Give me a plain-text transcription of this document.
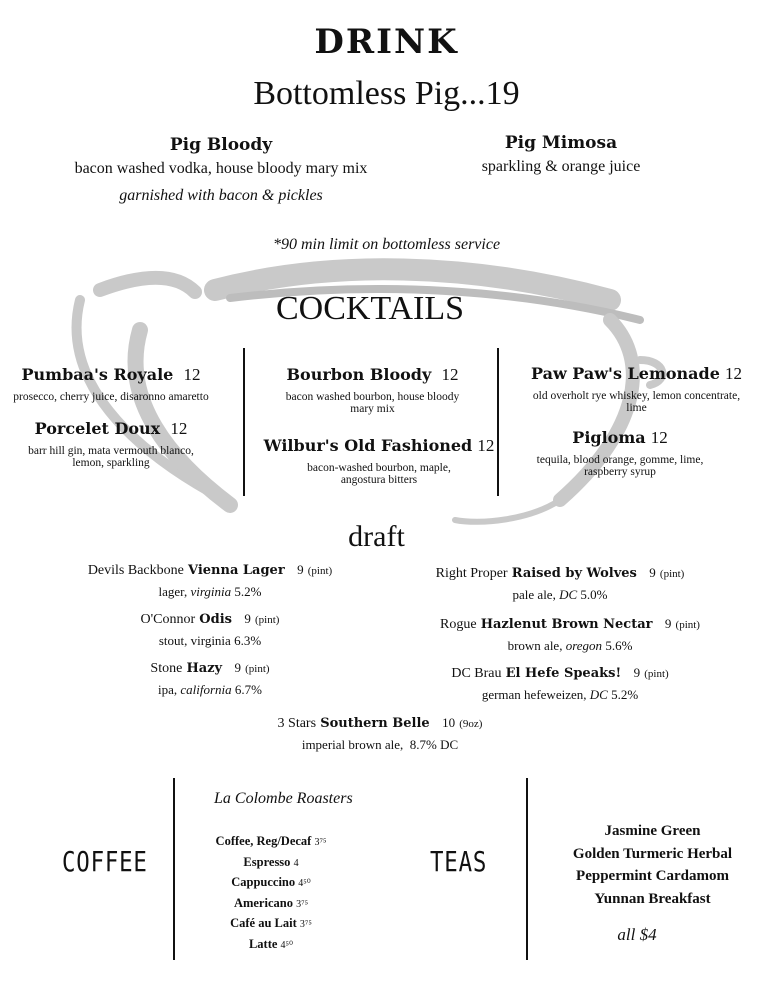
DRINK
Bottomless Pig...19
Pig Bloody
bacon washed vodka, house bloody mary mix
garnished with bacon & pickles
Pig Mimosa
sparkling & orange juice
*90 min limit on bottomless service
COCKTAILS
Pumbaa's Royale 12
prosecco, cherry juice, disaronno amaretto
Porcelet Doux 12
barr hill gin, mata vermouth blanco,
lemon, sparkling
Bourbon Bloody 12
bacon washed bourbon, house bloody
mary mix
Wilbur's Old Fashioned 12
bacon-washed bourbon, maple,
angostura bitters
Paw Paw's Lemonade 12
old overholt rye whiskey, lemon concentrate,
lime
Pigloma 12
tequila, blood orange, gomme, lime,
raspberry syrup
draft
Devils Backbone Vienna Lager 9 (pint)
lager, virginia 5.2%
O'Connor Odis 9 (pint)
stout, virginia 6.3%
Stone Hazy 9 (pint)
ipa, california 6.7%
Right Proper Raised by Wolves 9 (pint)
pale ale, DC 5.0%
Rogue Hazlenut Brown Nectar 9 (pint)
brown ale, oregon 5.6%
DC Brau El Hefe Speaks! 9 (pint)
german hefeweizen, DC 5.2%
3 Stars Southern Belle 10 (9oz)
imperial brown ale, 8.7% DC
COFFEE
La Colombe Roasters
Coffee, Reg/Decaf 3⁷⁵
Espresso 4
Cappuccino 4⁵⁰
Americano 3⁷⁵
Café au Lait 3⁷⁵
Latte 4⁵⁰
TEAS
Jasmine Green
Golden Turmeric Herbal
Peppermint Cardamom
Yunnan Breakfast
all $4
